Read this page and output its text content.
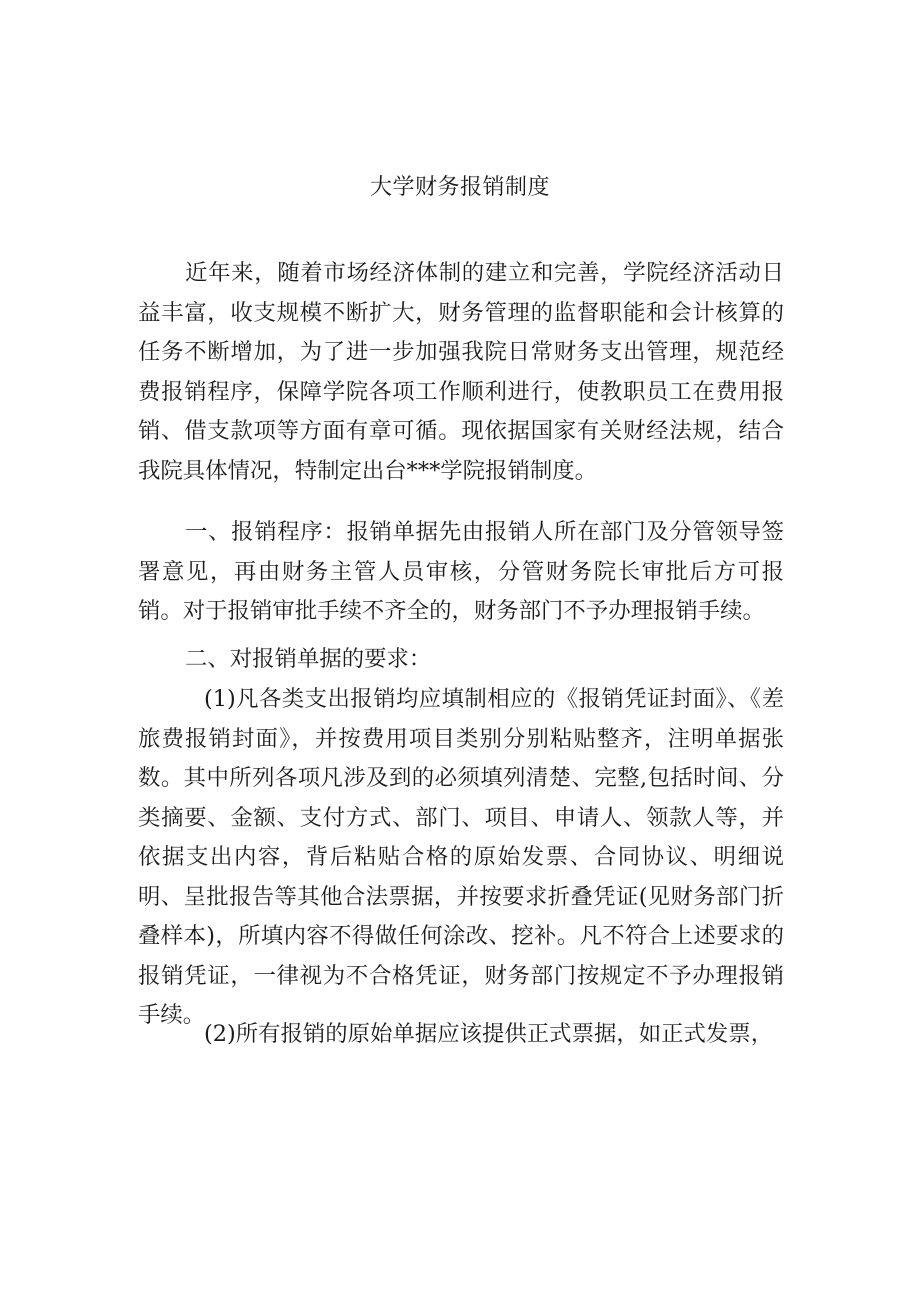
大学财务报销制度

近年来，随着市场经济体制的建立和完善，学院经济活动日益丰富，收支规模不断扩大，财务管理的监督职能和会计核算的任务不断增加，为了进一步加强我院日常财务支出管理，规范经费报销程序，保障学院各项工作顺利进行，使教职员工在费用报销、借支款项等方面有章可循。现依据国家有关财经法规，结合我院具体情况，特制定出台***学院报销制度。

一、报销程序：报销单据先由报销人所在部门及分管领导签署意见，再由财务主管人员审核，分管财务院长审批后方可报销。对于报销审批手续不齐全的，财务部门不予办理报销手续。

二、对报销单据的要求：

(1)凡各类支出报销均应填制相应的《报销凭证封面》、《差旅费报销封面》，并按费用项目类别分别粘贴整齐，注明单据张数。其中所列各项凡涉及到的必须填列清楚、完整,包括时间、分类摘要、金额、支付方式、部门、项目、申请人、领款人等，并依据支出内容，背后粘贴合格的原始发票、合同协议、明细说明、呈批报告等其他合法票据，并按要求折叠凭证(见财务部门折叠样本)，所填内容不得做任何涂改、挖补。凡不符合上述要求的报销凭证，一律视为不合格凭证，财务部门按规定不予办理报销手续。

(2)所有报销的原始单据应该提供正式票据，如正式发票，
